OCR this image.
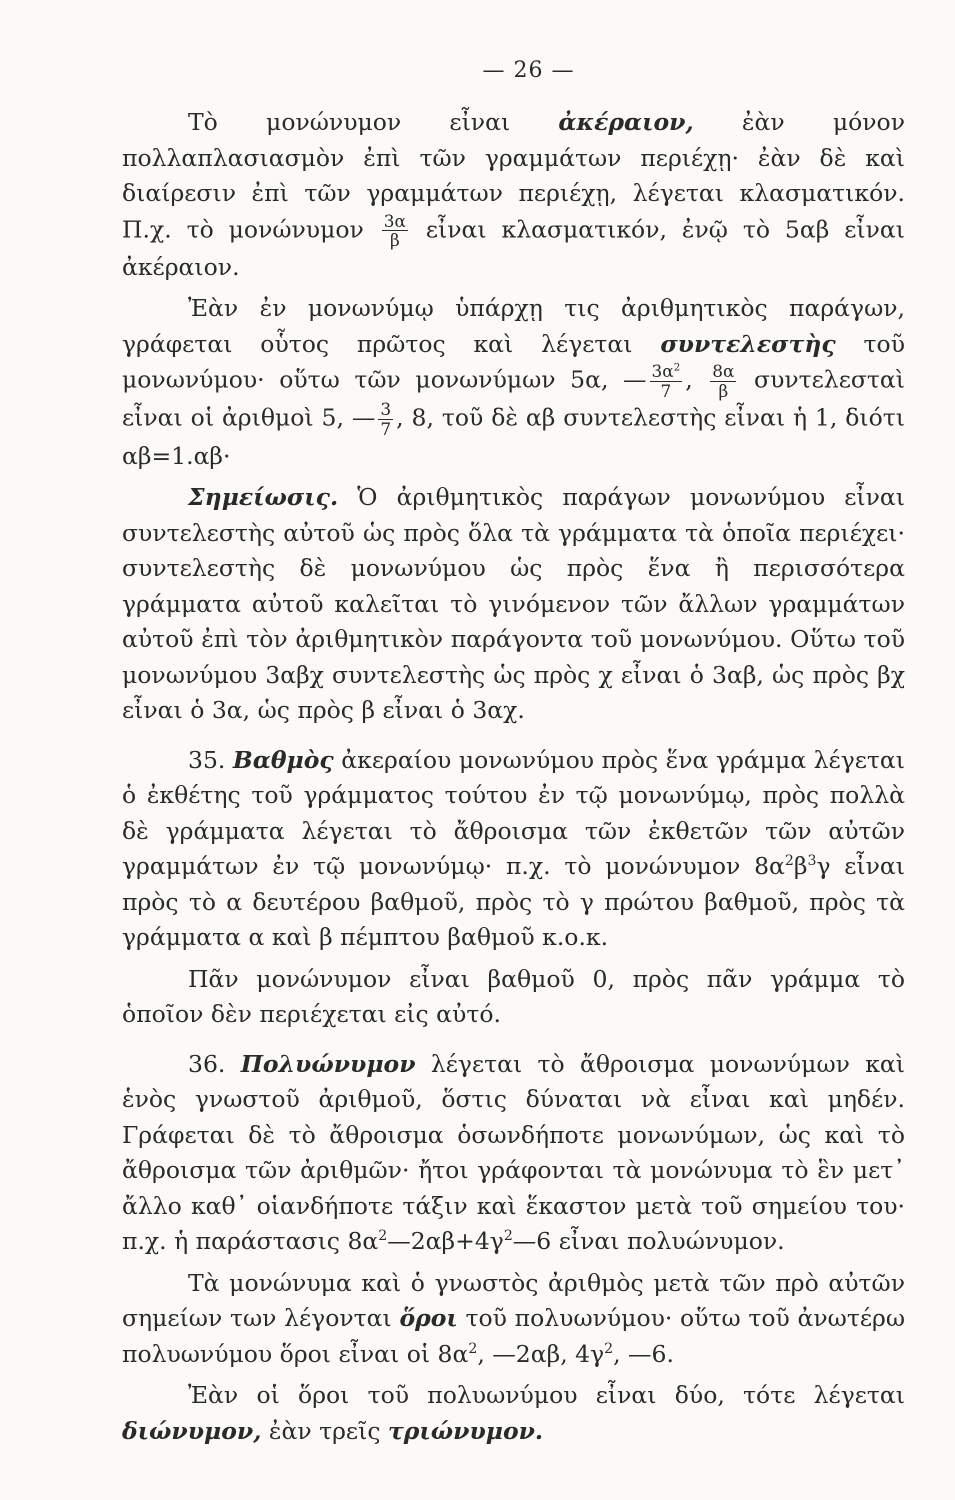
— 26 —

Τὸ μονώνυμον εἶναι ἀκέραιον, ἐὰν μόνον πολλαπλασιασμὸν ἐπὶ τῶν γραμμάτων περιέχῃ· ἐὰν δὲ καὶ διαίρεσιν ἐπὶ τῶν γραμμάτων περιέχῃ, λέγεται κλασματικόν. Π.χ. τὸ μονώνυμον $\frac{3\alpha}{\beta}$ εἶναι κλασματικόν, ἐνῷ τὸ 5αβ εἶναι ἀκέραιον.

Ἐὰν ἐν μονωνύμῳ ὑπάρχῃ τις ἀριθμητικὸς παράγων, γράφεται οὗτος πρῶτος καὶ λέγεται συντελεστὴς τοῦ μονωνύμου· οὕτω τῶν μονωνύμων 5α, — $\frac{3\alpha^2}{7}$ , $\frac{8\alpha}{\beta}$ συντελεσταὶ εἶναι οἱ ἀριθμοὶ 5, — $\frac{3}{7}$ , 8, τοῦ δὲ αβ συντελεστὴς εἶναι ἡ 1, διότι αβ=1.αβ·

Σημείωσις. Ὁ ἀριθμητικὸς παράγων μονωνύμου εἶναι συντελεστὴς αὐτοῦ ὡς πρὸς ὅλα τὰ γράμματα τὰ ὁποῖα περιέχει· συντελεστὴς δὲ μονωνύμου ὡς πρὸς ἕνα ἢ περισσότερα γράμματα αὐτοῦ καλεῖται τὸ γινόμενον τῶν ἄλλων γραμμάτων αὐτοῦ ἐπὶ τὸν ἀριθμητικὸν παράγοντα τοῦ μονωνύμου. Οὕτω τοῦ μονωνύμου 3αβχ συντελεστὴς ὡς πρὸς χ εἶναι ὁ 3αβ, ὡς πρὸς βχ εἶναι ὁ 3α, ὡς πρὸς β εἶναι ὁ 3αχ.

35. Βαθμὸς ἀκεραίου μονωνύμου πρὸς ἕνα γράμμα λέγεται ὁ ἐκθέτης τοῦ γράμματος τούτου ἐν τῷ μονωνύμῳ, πρὸς πολλὰ δὲ γράμματα λέγεται τὸ ἄθροισμα τῶν ἐκθετῶν τῶν αὐτῶν γραμμάτων ἐν τῷ μονωνύμῳ· π.χ. τὸ μονώνυμον $8\alpha^2\beta^3\gamma$ εἶναι πρὸς τὸ α δευτέρου βαθμοῦ, πρὸς τὸ γ πρώτου βαθμοῦ, πρὸς τὰ γράμματα α καὶ β πέμπτου βαθμοῦ κ.ο.κ.

Πᾶν μονώνυμον εἶναι βαθμοῦ 0, πρὸς πᾶν γράμμα τὸ ὁποῖον δὲν περιέχεται εἰς αὐτό.

36. Πολυώνυμον λέγεται τὸ ἄθροισμα μονωνύμων καὶ ἑνὸς γνωστοῦ ἀριθμοῦ, ὅστις δύναται νὰ εἶναι καὶ μηδέν. Γράφεται δὲ τὸ ἄθροισμα ὁσωνδήποτε μονωνύμων, ὡς καὶ τὸ ἄθροισμα τῶν ἀριθμῶν· ἤτοι γράφονται τὰ μονώνυμα τὸ ἓν μετ᾿ ἄλλο καθ᾿ οἱανδήποτε τάξιν καὶ ἕκαστον μετὰ τοῦ σημείου του· π.χ. ἡ παράστασις $8\alpha^2—2\alpha\beta+4\gamma^2—6$ εἶναι πολυώνυμον.

Τὰ μονώνυμα καὶ ὁ γνωστὸς ἀριθμὸς μετὰ τῶν πρὸ αὐτῶν σημείων των λέγονται ὅροι τοῦ πολυωνύμου· οὕτω τοῦ ἀνωτέρω πολυωνύμου ὅροι εἶναι οἱ $8\alpha^2$, —2αβ, $4\gamma^2$, —6.

Ἐὰν οἱ ὅροι τοῦ πολυωνύμου εἶναι δύο, τότε λέγεται διώνυμον, ἐὰν τρεῖς τριώνυμον.
